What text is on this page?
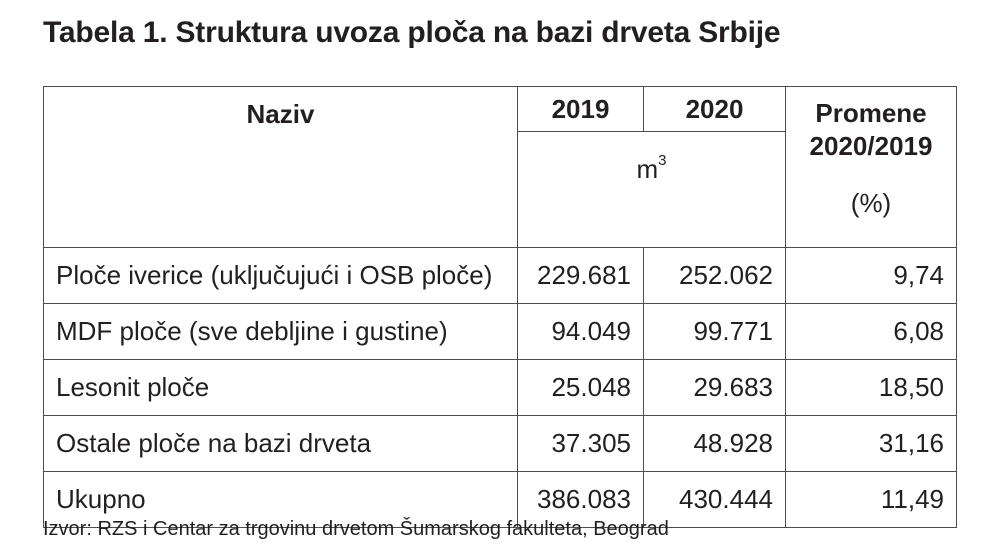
Tabela 1. Struktura uvoza ploča na bazi drveta Srbije
Naziv	2019	2020	Promene
2020/2019
(%)

	$m^3$
Ploče iverice (uključujući i OSB ploče)	229.681	252.062	9,74
MDF ploče (sve debljine i gustine)	94.049	99.771	6,08
Lesonit ploče	25.048	29.683	18,50
Ostale ploče na bazi drveta	37.305	48.928	31,16
Ukupno	386.083	430.444	11,49
Izvor: RZS i Centar za trgovinu drvetom Šumarskog fakulteta, Beograd
